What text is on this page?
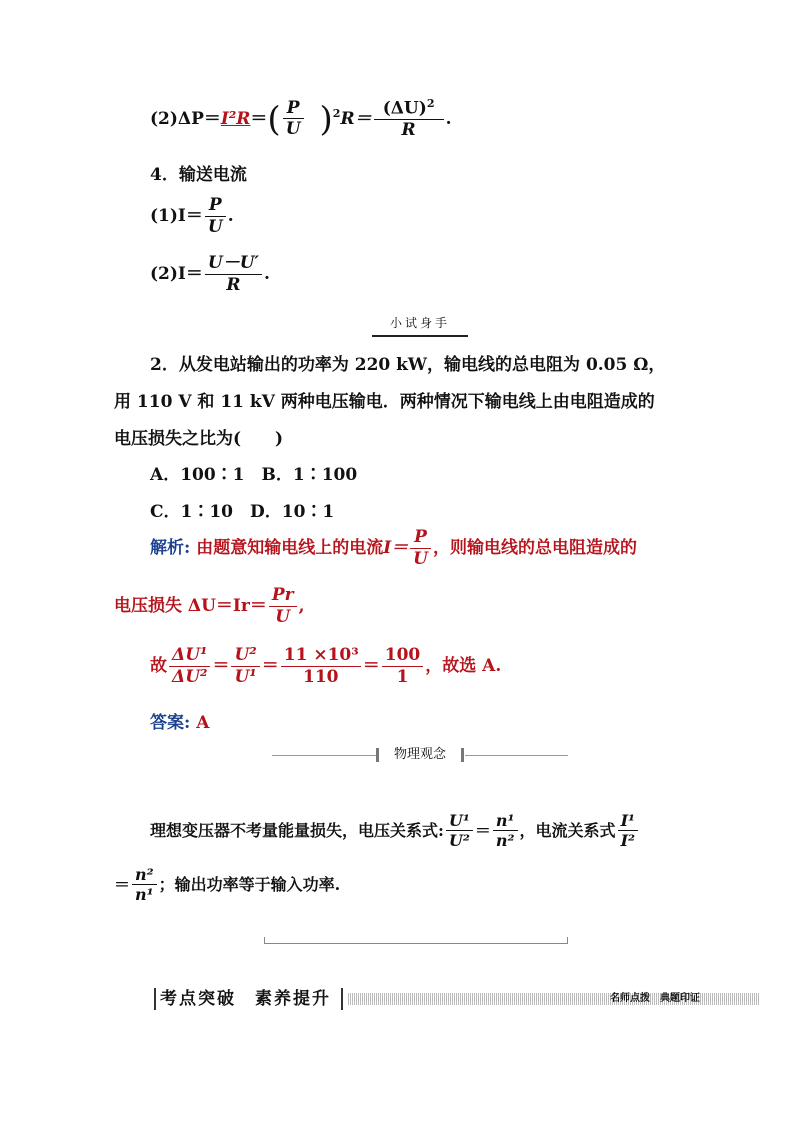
$(2)\Delta P=I^2R=( \frac{P}{U} )^2R= \frac{(\Delta U)^2}{R}$ .
4．输送电流
$(1)I= \frac{P}{U}$ .
$(2)I= \frac{U-U'}{R}$ .
小试身手
2．从发电站输出的功率为 220 kW，输电线的总电阻为 0.05 Ω，
用 110 V 和 11 kV 两种电压输电．两种情况下输电线上由电阻造成的
电压损失之比为(　　)
A．100∶1　B．1∶100
C．1∶10　D．10∶1
解析: 由题意知输电线上的电流$I= \frac{P}{U}$ ，则输电线的总电阻造成的
电压损失 $\Delta U=Ir= \frac{Pr}{U}$ ,
故 $\frac{\text{ΔU¹}}{\text{ΔU²}} = \frac{\text{U²}}{\text{U¹}} = \frac{\text{11 ×10³}}{110} = \frac{100}{1}$ ，故选 A.
答案: A
物理观念
理想变压器不考量能量损失，电压关系式: $\frac{\text{U¹}}{\text{U²}} = \frac{\text{n¹}}{\text{n²}}$ ，电流关系式 $\frac{\text{I¹}}{\text{I²}}$
＝ $\frac{\text{n²}}{\text{n¹}}$ ；输出功率等于输入功率.
考点突破　素养提升	名师点拨　典题印证
